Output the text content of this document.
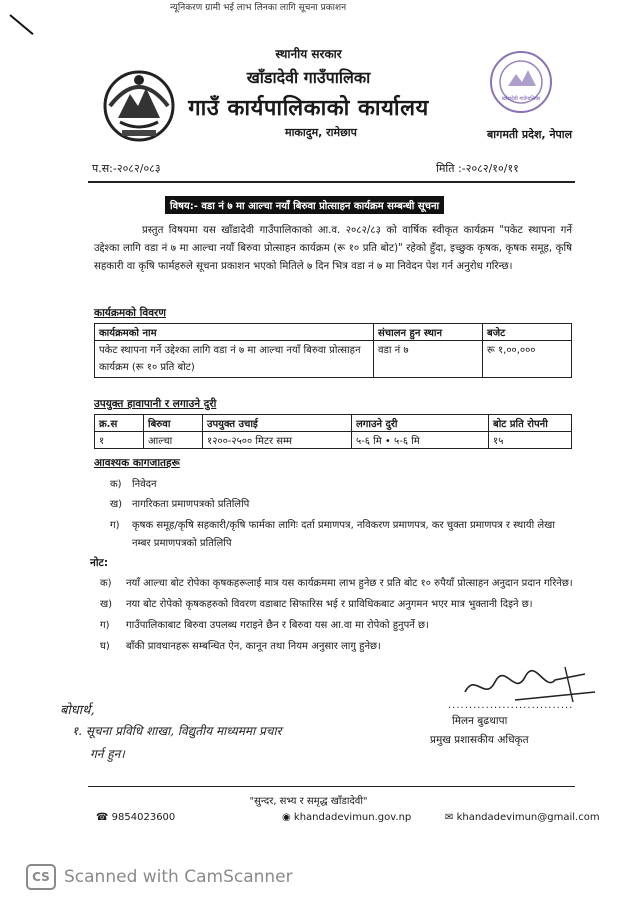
न्यूनिकरण ग्रामी भई लाभ लिनका लागि सूचना प्रकाशन
खाँडादेवी गाउँपालिका
स्थानीय सरकार
खाँडादेवी गाउँपालिका
गाउँ कार्यपालिकाको कार्यालय
माकादुम, रामेछाप	बागमती प्रदेश, नेपाल
प.स:-२०८२/०८३	मिति :-२०८२/१०/११
विषय:- वडा नं ७ मा आल्चा नयाँ बिरुवा प्रोत्साहन कार्यक्रम सम्बन्धी सूचना
प्रस्तुत विषयमा यस खाँडादेवी गाउँपालिकाको आ.व. २०८२/८३ को वार्षिक स्वीकृत कार्यक्रम "पकेट स्थापना गर्ने उद्देश्का लागि वडा नं ७ मा आल्चा नयाँ बिरुवा प्रोत्साहन कार्यक्रम (रू १० प्रति बोट)" रहेको हुँदा, इच्छुक कृषक, कृषक समूह, कृषि सहकारी वा कृषि फार्महरुले सूचना प्रकाशन भएको मितिले ७ दिन भित्र वडा नं ७ मा निवेदन पेश गर्न अनुरोध गरिन्छ।
कार्यक्रमको विवरण
कार्यक्रमको नाम	संचालन हुन स्थान	बजेट
पकेट स्थापना गर्ने उद्देश्का लागि वडा नं ७ मा आल्चा नयाँ बिरुवा प्रोत्साहन कार्यक्रम (रू १० प्रति बोट)	वडा नं ७	रू १,००,०००
उपयुक्त हावापानी र लगाउने दुरी
क्र.स	बिरुवा	उपयुक्त उचाई	लगाउने दुरी	बोट प्रति रोपनी
१	आल्चा	१२००-२५०० मिटर सम्म	५-६ मि • ५-६ मि	१५
आवश्यक कागजातहरू
क)	निवेदन
ख) नागरिकता प्रमाणपत्रको प्रतिलिपि
ग)	कृषक समूह/कृषि सहकारी/कृषि फार्मका लागिः दर्ता प्रमाणपत्र, नविकरण प्रमाणपत्र, कर चुक्ता प्रमाणपत्र र स्थायी लेखा नम्बर प्रमाणपत्रको प्रतिलिपि
नोट:
क)	नयाँ आल्चा बोट रोपेका कृषकहरूलाई मात्र यस कार्यक्रममा लाभ हुनेछ र प्रति बोट १० रुपैयाँ प्रोत्साहन अनुदान प्रदान गरिनेछ।
ख)	नया बोट रोपेको कृषकहरुको विवरण वडाबाट सिफारिस भई र प्राविधिकबाट अनुगमन भएर मात्र भुक्तानी दिइने छ।
ग)	गाउँपालिकाबाट बिरुवा उपलब्ध गराइने छैन र बिरुवा यस आ.वा मा रोपेको हुनुपर्ने छ।
घ)	बाँकी प्रावधानहरू सम्बन्धित ऐन, कानून तथा नियम अनुसार लागु हुनेछ।
..............................
मिलन बुढथापा
प्रमुख प्रशासकीय अधिकृत
बोधार्थ,
१. सूचना प्रविधि शाखा, विद्युतीय माध्यममा प्रचार
गर्न हुन।
"सुन्दर, सभ्य र समृद्ध खाँडादेवी"
☎ 9854023600	◉ khandadevimun.gov.np	✉ khandadevimun@gmail.com
CS Scanned with CamScanner
